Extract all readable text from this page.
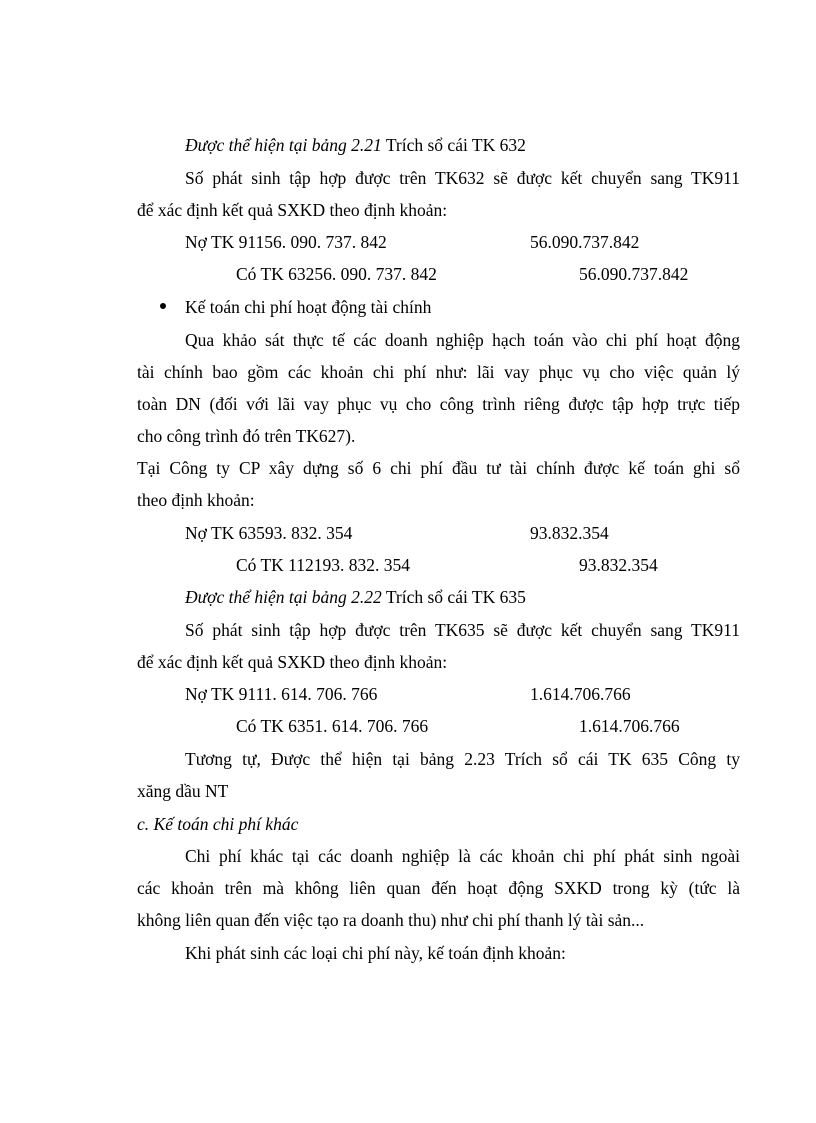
Được thể hiện tại bảng 2.21 Trích sổ cái TK 632
Số phát sinh tập hợp được trên TK632 sẽ được kết chuyển sang TK911
để xác định kết quả SXKD theo định khoản:
Nợ TK 91156. 090. 737. 842	56.090.737.842
Có TK 63256. 090. 737. 842	56.090.737.842
Kế toán chi phí hoạt động tài chính
Qua khảo sát thực tế các doanh nghiệp hạch toán vào chi phí hoạt động
tài chính bao gồm các khoản chi phí như: lãi vay phục vụ cho việc quản lý
toàn DN (đối với lãi vay phục vụ cho công trình riêng được tập hợp trực tiếp
cho công trình đó trên TK627).
Tại Công ty CP xây dựng số 6 chi phí đầu tư tài chính được kế toán ghi sổ
theo định khoản:
Nợ TK 63593. 832. 354	93.832.354
Có TK 112193. 832. 354	93.832.354
Được thể hiện tại bảng 2.22 Trích sổ cái TK 635
Số phát sinh tập hợp được trên TK635 sẽ được kết chuyển sang TK911
để xác định kết quả SXKD theo định khoản:
Nợ TK 9111. 614. 706. 766	1.614.706.766
Có TK 6351. 614. 706. 766	1.614.706.766
Tương tự, Được thể hiện tại bảng 2.23 Trích sổ cái TK 635 Công ty
xăng dầu NT
c. Kế toán chi phí khác
Chi phí khác tại các doanh nghiệp là các khoản chi phí phát sinh ngoài
các khoản trên mà không liên quan đến hoạt động SXKD trong kỳ (tức là
không liên quan đến việc tạo ra doanh thu) như chi phí thanh lý tài sản...
Khi phát sinh các loại chi phí này, kế toán định khoản:
